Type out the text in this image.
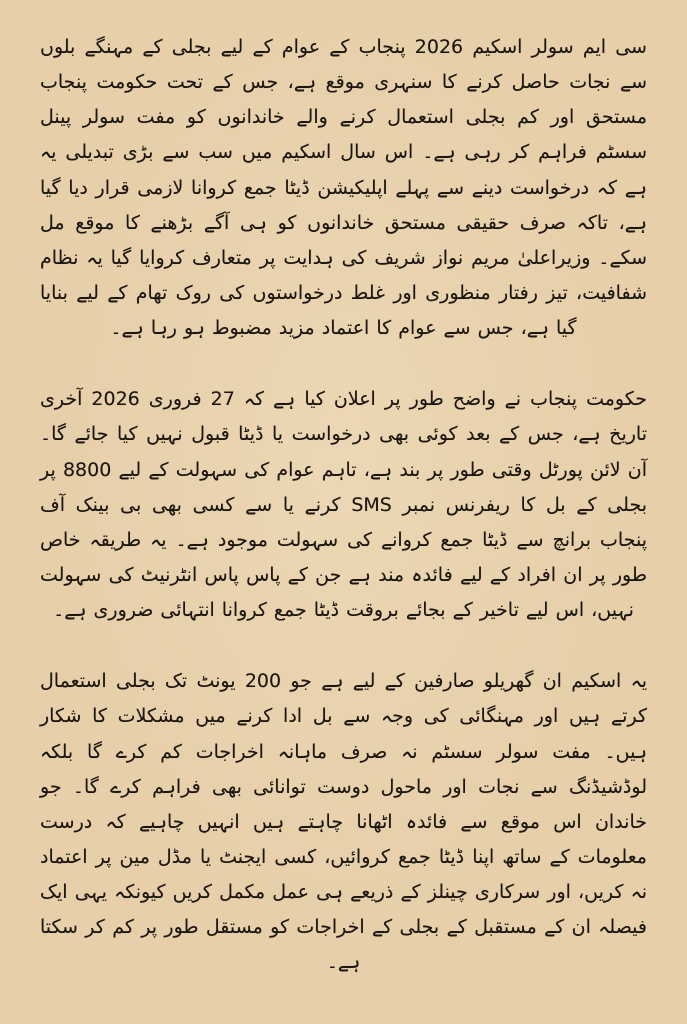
سی ایم سولر اسکیم 2026 پنجاب کے عوام کے لیے بجلی کے مہنگے بلوں سے نجات حاصل کرنے کا سنہری موقع ہے، جس کے تحت حکومت پنجاب مستحق اور کم بجلی استعمال کرنے والے خاندانوں کو مفت سولر پینل سسٹم فراہم کر رہی ہے۔ اس سال اسکیم میں سب سے بڑی تبدیلی یہ ہے کہ درخواست دینے سے پہلے اپلیکیشن ڈیٹا جمع کروانا لازمی قرار دیا گیا ہے، تاکہ صرف حقیقی مستحق خاندانوں کو ہی آگے بڑھنے کا موقع مل سکے۔ وزیراعلیٰ مریم نواز شریف کی ہدایت پر متعارف کروایا گیا یہ نظام شفافیت، تیز رفتار منظوری اور غلط درخواستوں کی روک تھام کے لیے بنایا گیا ہے، جس سے عوام کا اعتماد مزید مضبوط ہو رہا ہے۔

حکومت پنجاب نے واضح طور پر اعلان کیا ہے کہ 27 فروری 2026 آخری تاریخ ہے، جس کے بعد کوئی بھی درخواست یا ڈیٹا قبول نہیں کیا جائے گا۔ آن لائن پورٹل وقتی طور پر بند ہے، تاہم عوام کی سہولت کے لیے 8800 پر بجلی کے بل کا ریفرنس نمبر SMS کرنے یا سے کسی بھی بی بینک آف پنجاب برانچ سے ڈیٹا جمع کروانے کی سہولت موجود ہے۔ یہ طریقہ خاص طور پر ان افراد کے لیے فائدہ مند ہے جن کے پاس پاس انٹرنیٹ کی سہولت نہیں، اس لیے تاخیر کے بجائے بروقت ڈیٹا جمع کروانا انتہائی ضروری ہے۔

یہ اسکیم ان گھریلو صارفین کے لیے ہے جو 200 یونٹ تک بجلی استعمال کرتے ہیں اور مہنگائی کی وجہ سے بل ادا کرنے میں مشکلات کا شکار ہیں۔ مفت سولر سسٹم نہ صرف ماہانہ اخراجات کم کرے گا بلکہ لوڈشیڈنگ سے نجات اور ماحول دوست توانائی بھی فراہم کرے گا۔ جو خاندان اس موقع سے فائدہ اٹھانا چاہتے ہیں انہیں چاہیے کہ درست معلومات کے ساتھ اپنا ڈیٹا جمع کروائیں، کسی ایجنٹ یا مڈل مین پر اعتماد نہ کریں، اور سرکاری چینلز کے ذریعے ہی عمل مکمل کریں کیونکہ یہی ایک فیصلہ ان کے مستقبل کے بجلی کے اخراجات کو مستقل طور پر کم کر سکتا ہے۔
